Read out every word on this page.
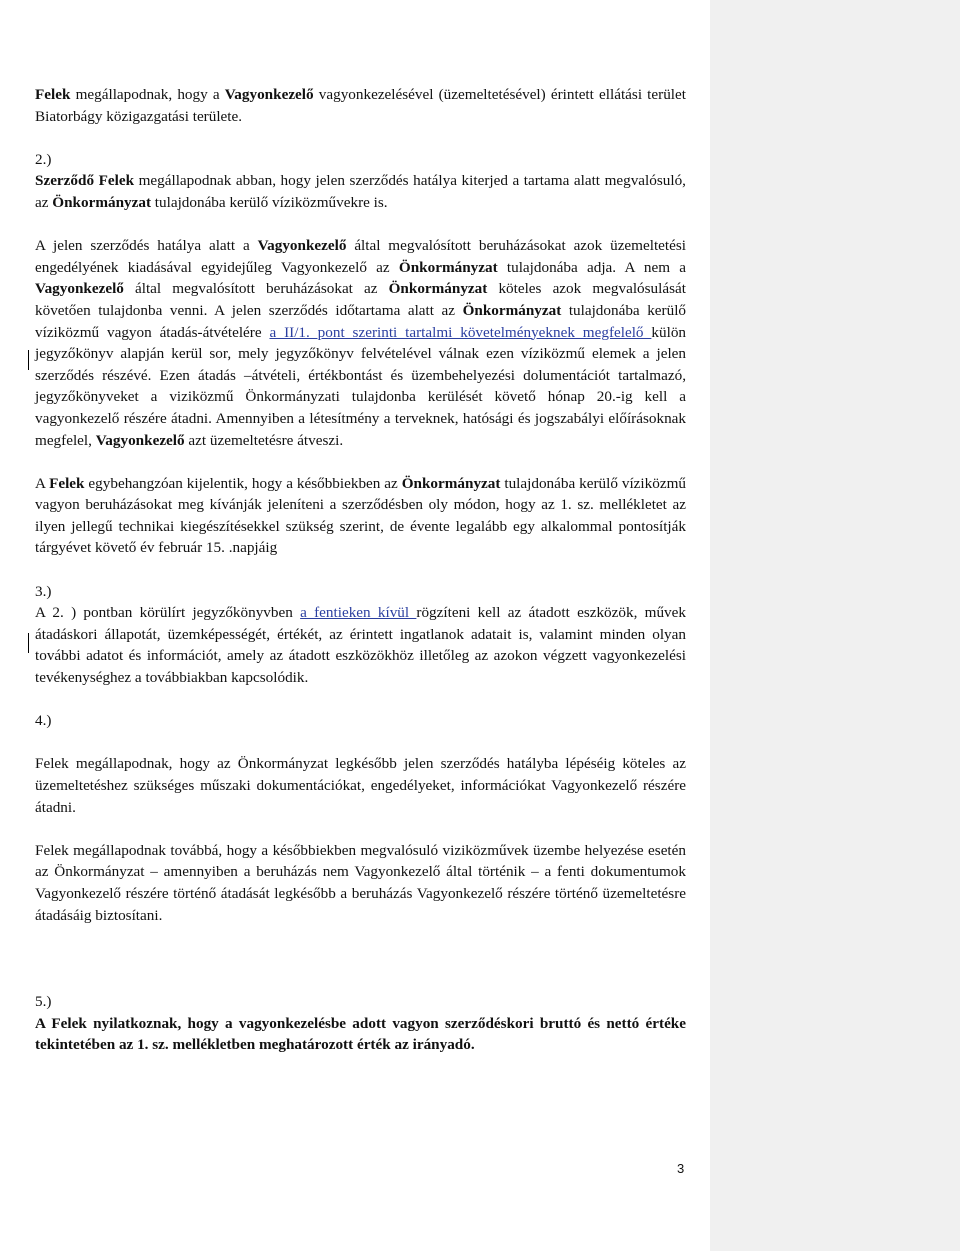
Felek megállapodnak, hogy a Vagyonkezelő vagyonkezelésével (üzemeltetésével) érintett ellátási terület Biatorbágy közigazgatási területe.

2.)

Szerződő Felek megállapodnak abban, hogy jelen szerződés hatálya kiterjed a tartama alatt megvalósuló, az Önkormányzat tulajdonába kerülő víziközművekre is.

A jelen szerződés hatálya alatt a Vagyonkezelő által megvalósított beruházásokat azok üzemeltetési engedélyének kiadásával egyidejűleg Vagyonkezelő az Önkormányzat tulajdonába adja. A nem a Vagyonkezelő által megvalósított beruházásokat az Önkormányzat köteles azok megvalósulását követően tulajdonba venni. A jelen szerződés időtartama alatt az Önkormányzat tulajdonába kerülő víziközmű vagyon átadás-átvételére a II/1. pont szerinti tartalmi követelményeknek megfelelő külön jegyzőkönyv alapján kerül sor, mely jegyzőkönyv felvételével válnak ezen víziközmű elemek a jelen szerződés részévé. Ezen átadás –átvételi, értékbontást és üzembehelyezési dolumentációt tartalmazó, jegyzőkönyveket a viziközmű Önkormányzati tulajdonba kerülését követő hónap 20.-ig kell a vagyonkezelő részére átadni. Amennyiben a létesítmény a terveknek, hatósági és jogszabályi előírásoknak megfelel, Vagyonkezelő azt üzemeltetésre átveszi.

A Felek egybehangzóan kijelentik, hogy a későbbiekben az Önkormányzat tulajdonába kerülő víziközmű vagyon beruházásokat meg kívánják jeleníteni a szerződésben oly módon, hogy az 1. sz. mellékletet az ilyen jellegű technikai kiegészítésekkel szükség szerint, de évente legalább egy alkalommal pontosítják tárgyévet követő év február 15. .napjáig

3.)

A 2. ) pontban körülírt jegyzőkönyvben a fentieken kívül rögzíteni kell az átadott eszközök, művek átadáskori állapotát, üzemképességét, értékét, az érintett ingatlanok adatait is, valamint minden olyan további adatot és információt, amely az átadott eszközökhöz illetőleg az azokon végzett vagyonkezelési tevékenységhez a továbbiakban kapcsolódik.

4.)

Felek megállapodnak, hogy az Önkormányzat legkésőbb jelen szerződés hatályba lépéséig köteles az üzemeltetéshez szükséges műszaki dokumentációkat, engedélyeket, információkat Vagyonkezelő részére átadni.

Felek megállapodnak továbbá, hogy a későbbiekben megvalósuló viziközművek üzembe helyezése esetén az Önkormányzat – amennyiben a beruházás nem Vagyonkezelő által történik – a fenti dokumentumok Vagyonkezelő részére történő átadását legkésőbb a beruházás Vagyonkezelő részére történő üzemeltetésre átadásáig biztosítani.

5.)

A Felek nyilatkoznak, hogy a vagyonkezelésbe adott vagyon szerződéskori bruttó és nettó értéke tekintetében az 1. sz. mellékletben meghatározott érték az irányadó.

3
